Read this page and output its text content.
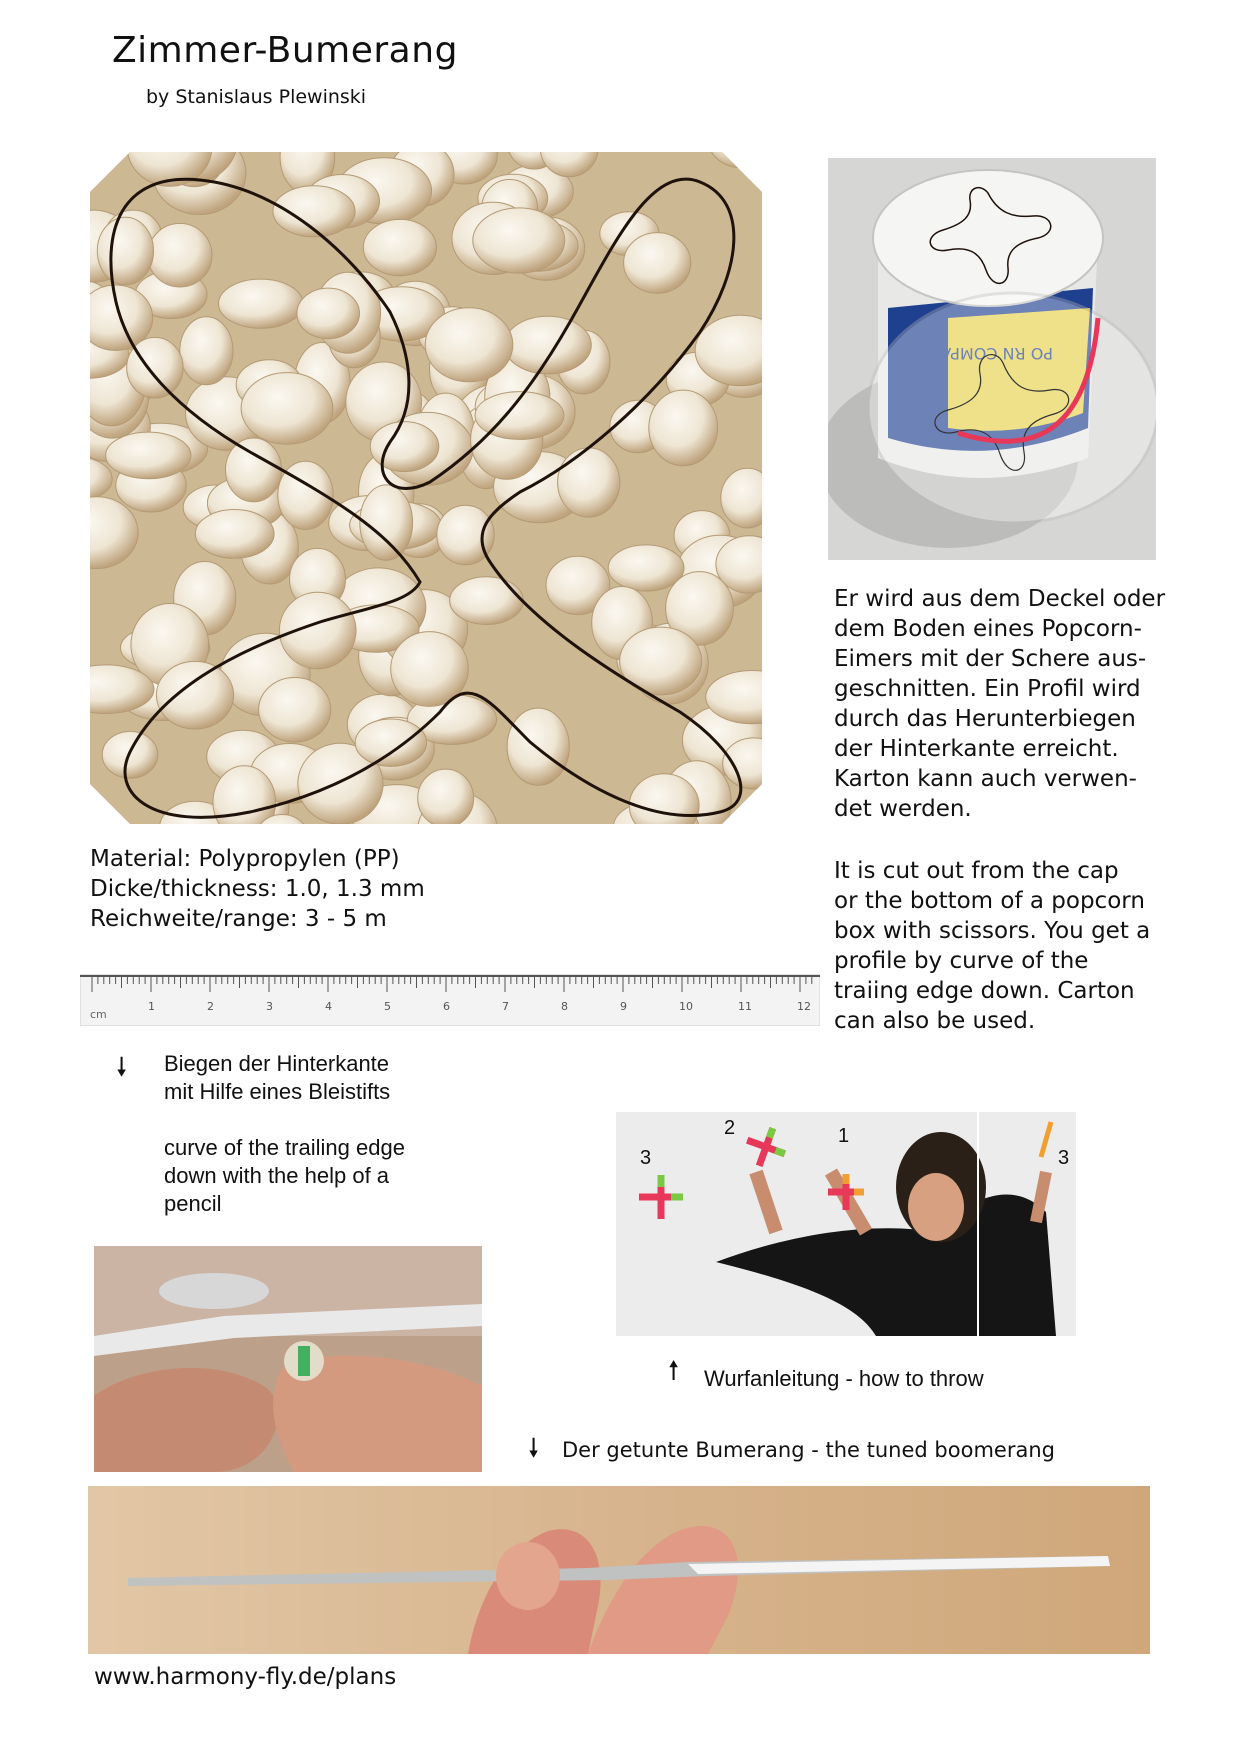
Zimmer-Bumerang
by Stanislaus Plewinski
PO RN COMPANY
Er wird aus dem Deckel oder
dem Boden eines Popcorn-
Eimers mit der Schere aus-
geschnitten. Ein Profil wird
durch das Herunterbiegen
der Hinterkante erreicht.
Karton kann auch verwen-
det werden.
It is cut out from the cap
or the bottom of a popcorn
box with scissors. You get a
profile by curve of the
traiing edge down. Carton
can also be used.
Material: Polypropylen (PP)
Dicke/thickness: 1.0, 1.3 mm
Reichweite/range: 3 - 5 m
cm
1	2	3	4	5	6	7	8	9	10	11	12
🠗 Biegen der Hinterkante

mit Hilfe eines Bleistifts

curve of the trailing edge

down with the help of a

pencil

3
2	1
3
🠕 Wurfanleitung - how to throw
🠗 Der getunte Bumerang - the tuned boomerang
www.harmony-fly.de/plans
